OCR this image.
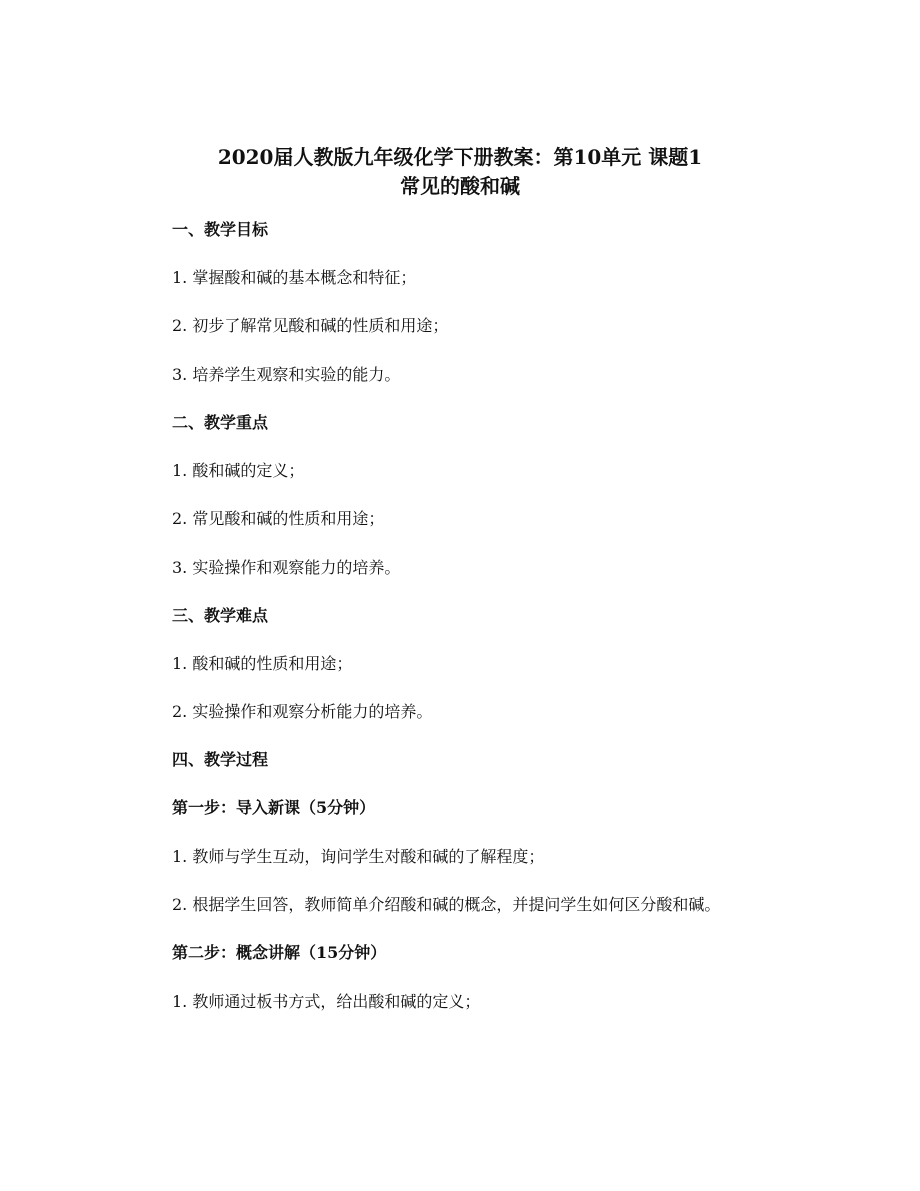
2020届人教版九年级化学下册教案：第10单元 课题1
常见的酸和碱
一、教学目标
1. 掌握酸和碱的基本概念和特征；
2. 初步了解常见酸和碱的性质和用途；
3. 培养学生观察和实验的能力。
二、教学重点
1. 酸和碱的定义；
2. 常见酸和碱的性质和用途；
3. 实验操作和观察能力的培养。
三、教学难点
1. 酸和碱的性质和用途；
2. 实验操作和观察分析能力的培养。
四、教学过程
第一步：导入新课（5分钟）
1. 教师与学生互动，询问学生对酸和碱的了解程度；
2. 根据学生回答，教师简单介绍酸和碱的概念，并提问学生如何区分酸和碱。
第二步：概念讲解（15分钟）
1. 教师通过板书方式，给出酸和碱的定义；
